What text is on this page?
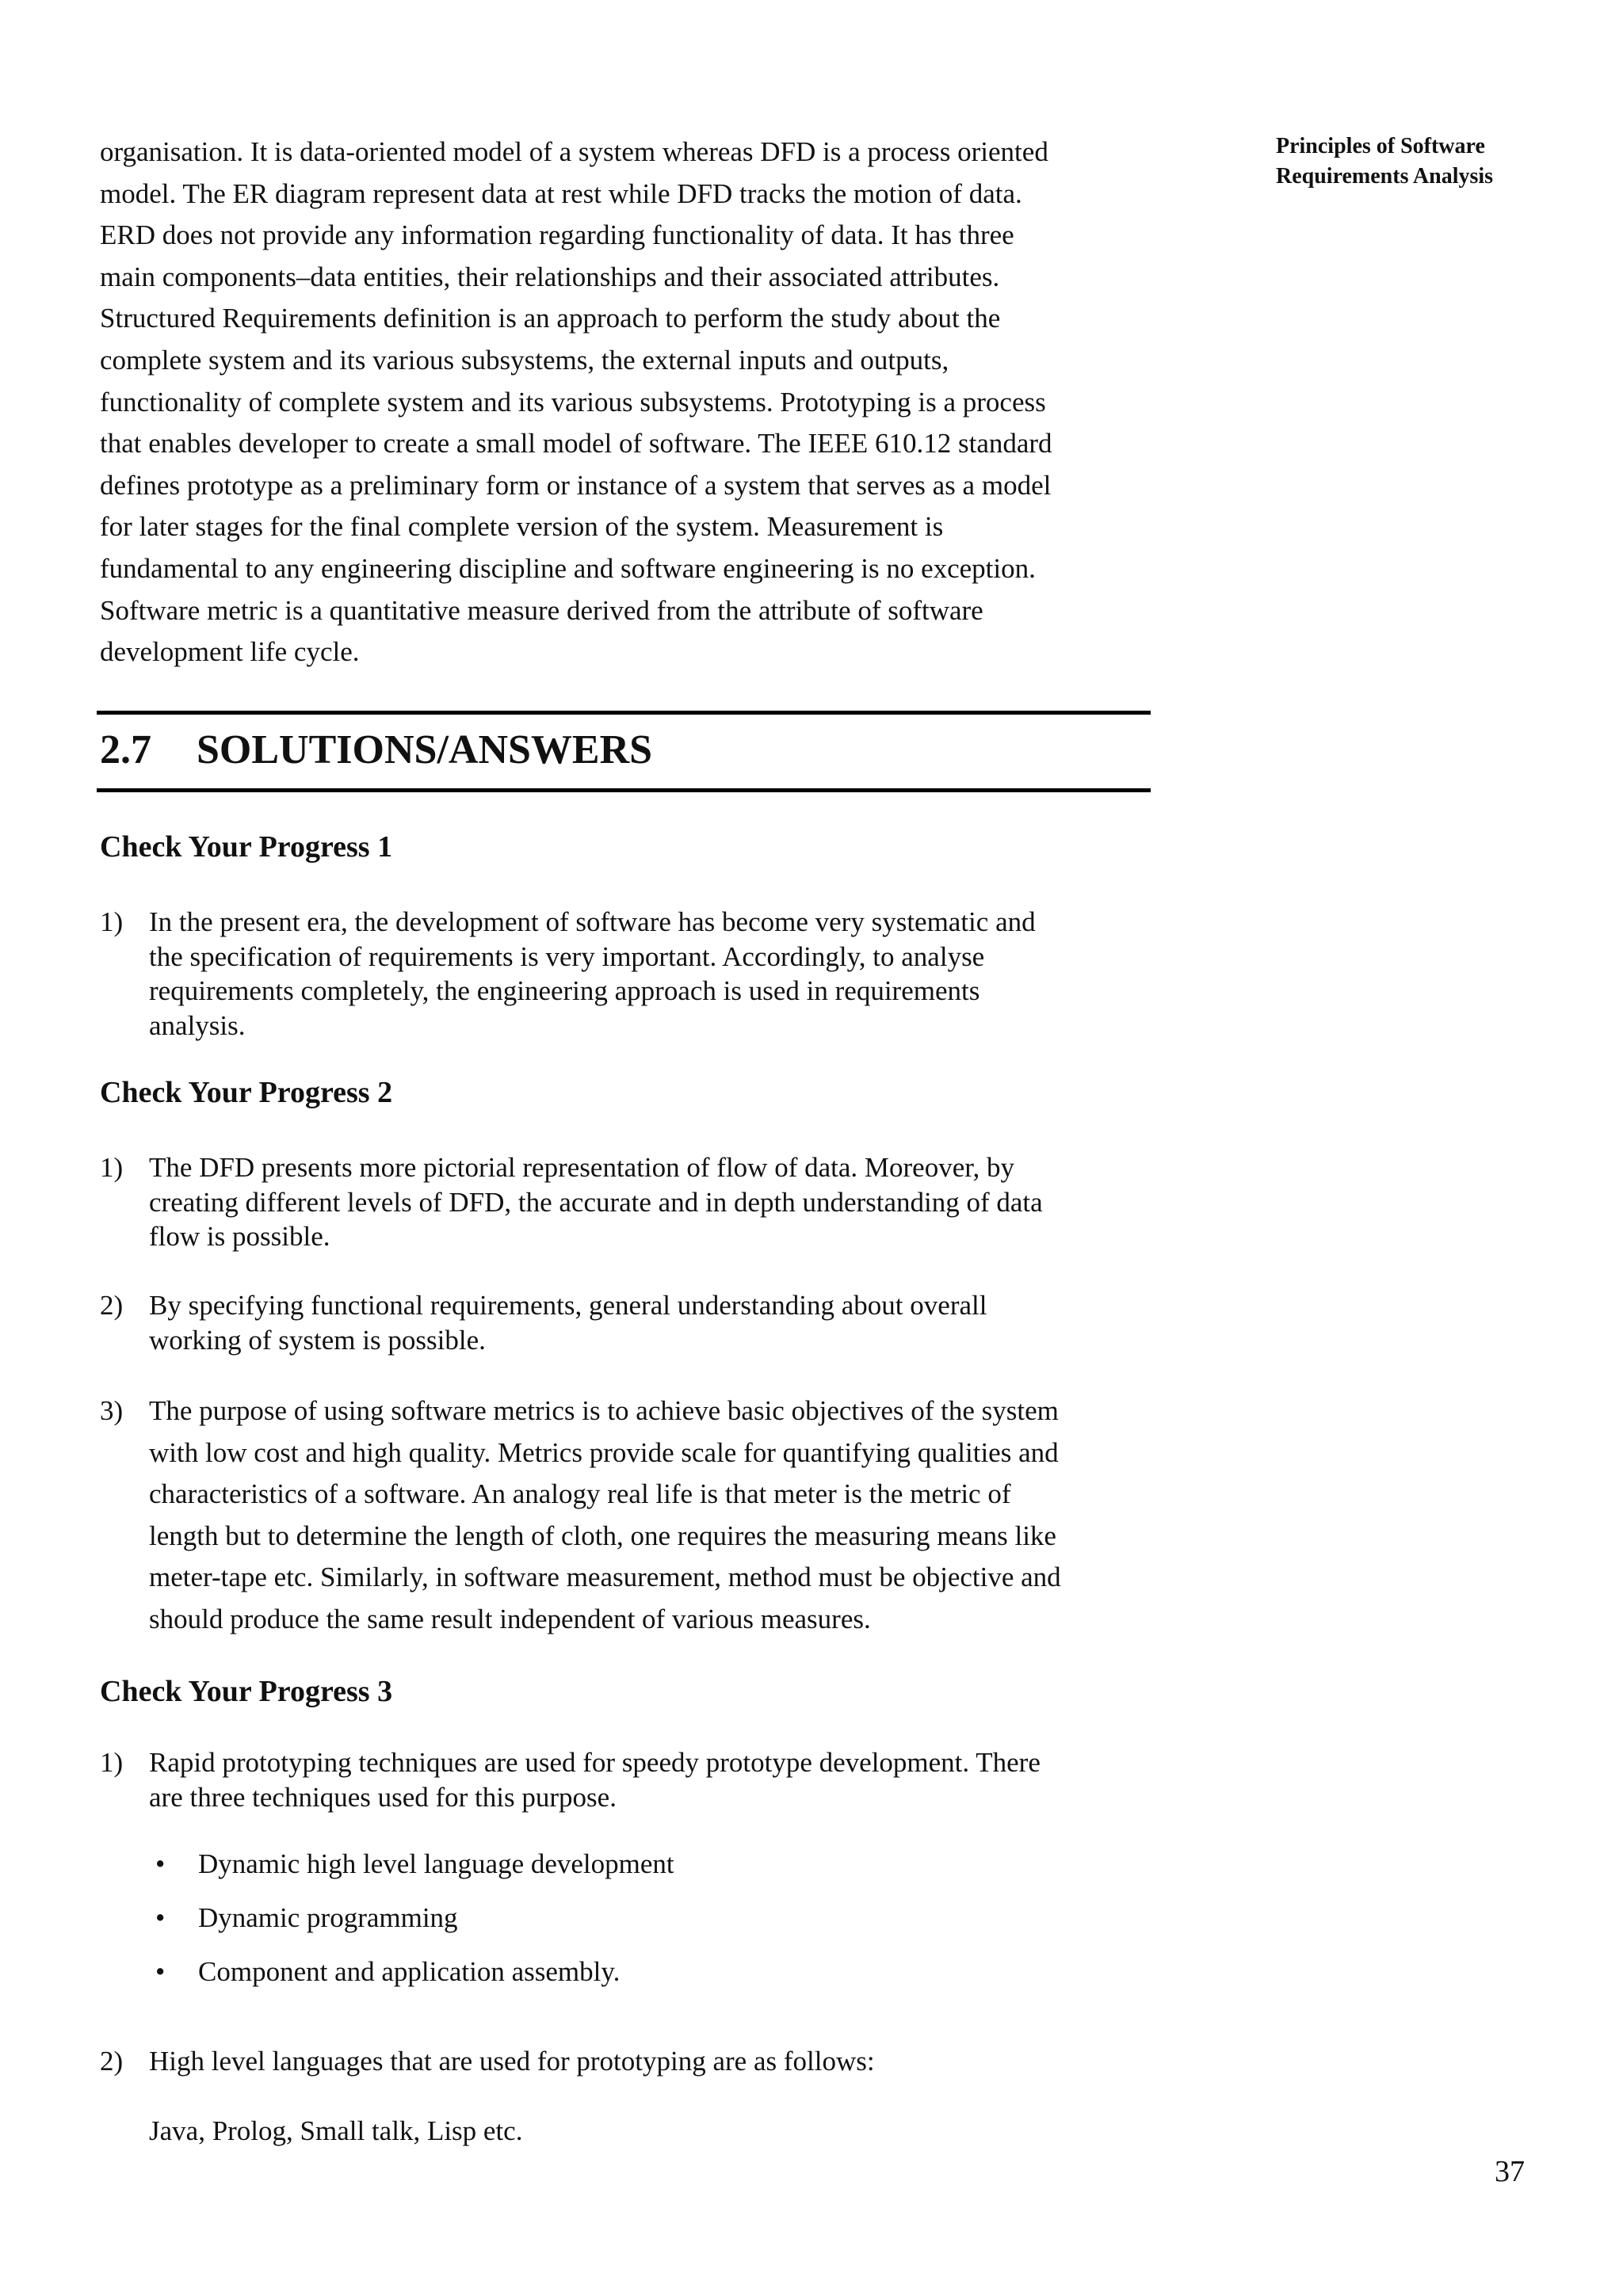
Principles of Software
Requirements Analysis
organisation. It is data-oriented model of a system whereas DFD is a process oriented
model. The ER diagram represent data at rest while DFD tracks the motion of data.
ERD does not provide any information regarding functionality of data. It has three
main components–data entities, their relationships and their associated attributes.
Structured Requirements definition is an approach to perform the study about the
complete system and its various subsystems, the external inputs and outputs,
functionality of complete system and its various subsystems. Prototyping is a process
that enables developer to create a small model of software. The IEEE 610.12 standard
defines prototype as a preliminary form or instance of a system that serves as a model
for later stages for the final complete version of the system. Measurement is
fundamental to any engineering discipline and software engineering is no exception.
Software metric is a quantitative measure derived from the attribute of software
development life cycle.
2.7 SOLUTIONS/ANSWERS
Check Your Progress 1
1) In the present era, the development of software has become very systematic and
the specification of requirements is very important. Accordingly, to analyse
requirements completely, the engineering approach is used in requirements
analysis.
Check Your Progress 2
1) The DFD presents more pictorial representation of flow of data. Moreover, by
creating different levels of DFD, the accurate and in depth understanding of data
flow is possible.
2) By specifying functional requirements, general understanding about overall
working of system is possible.
3) The purpose of using software metrics is to achieve basic objectives of the system
with low cost and high quality. Metrics provide scale for quantifying qualities and
characteristics of a software. An analogy real life is that meter is the metric of
length but to determine the length of cloth, one requires the measuring means like
meter-tape etc. Similarly, in software measurement, method must be objective and
should produce the same result independent of various measures.
Check Your Progress 3
1) Rapid prototyping techniques are used for speedy prototype development. There
are three techniques used for this purpose.
• Dynamic high level language development
• Dynamic programming
• Component and application assembly.
2) High level languages that are used for prototyping are as follows:
Java, Prolog, Small talk, Lisp etc.
37
